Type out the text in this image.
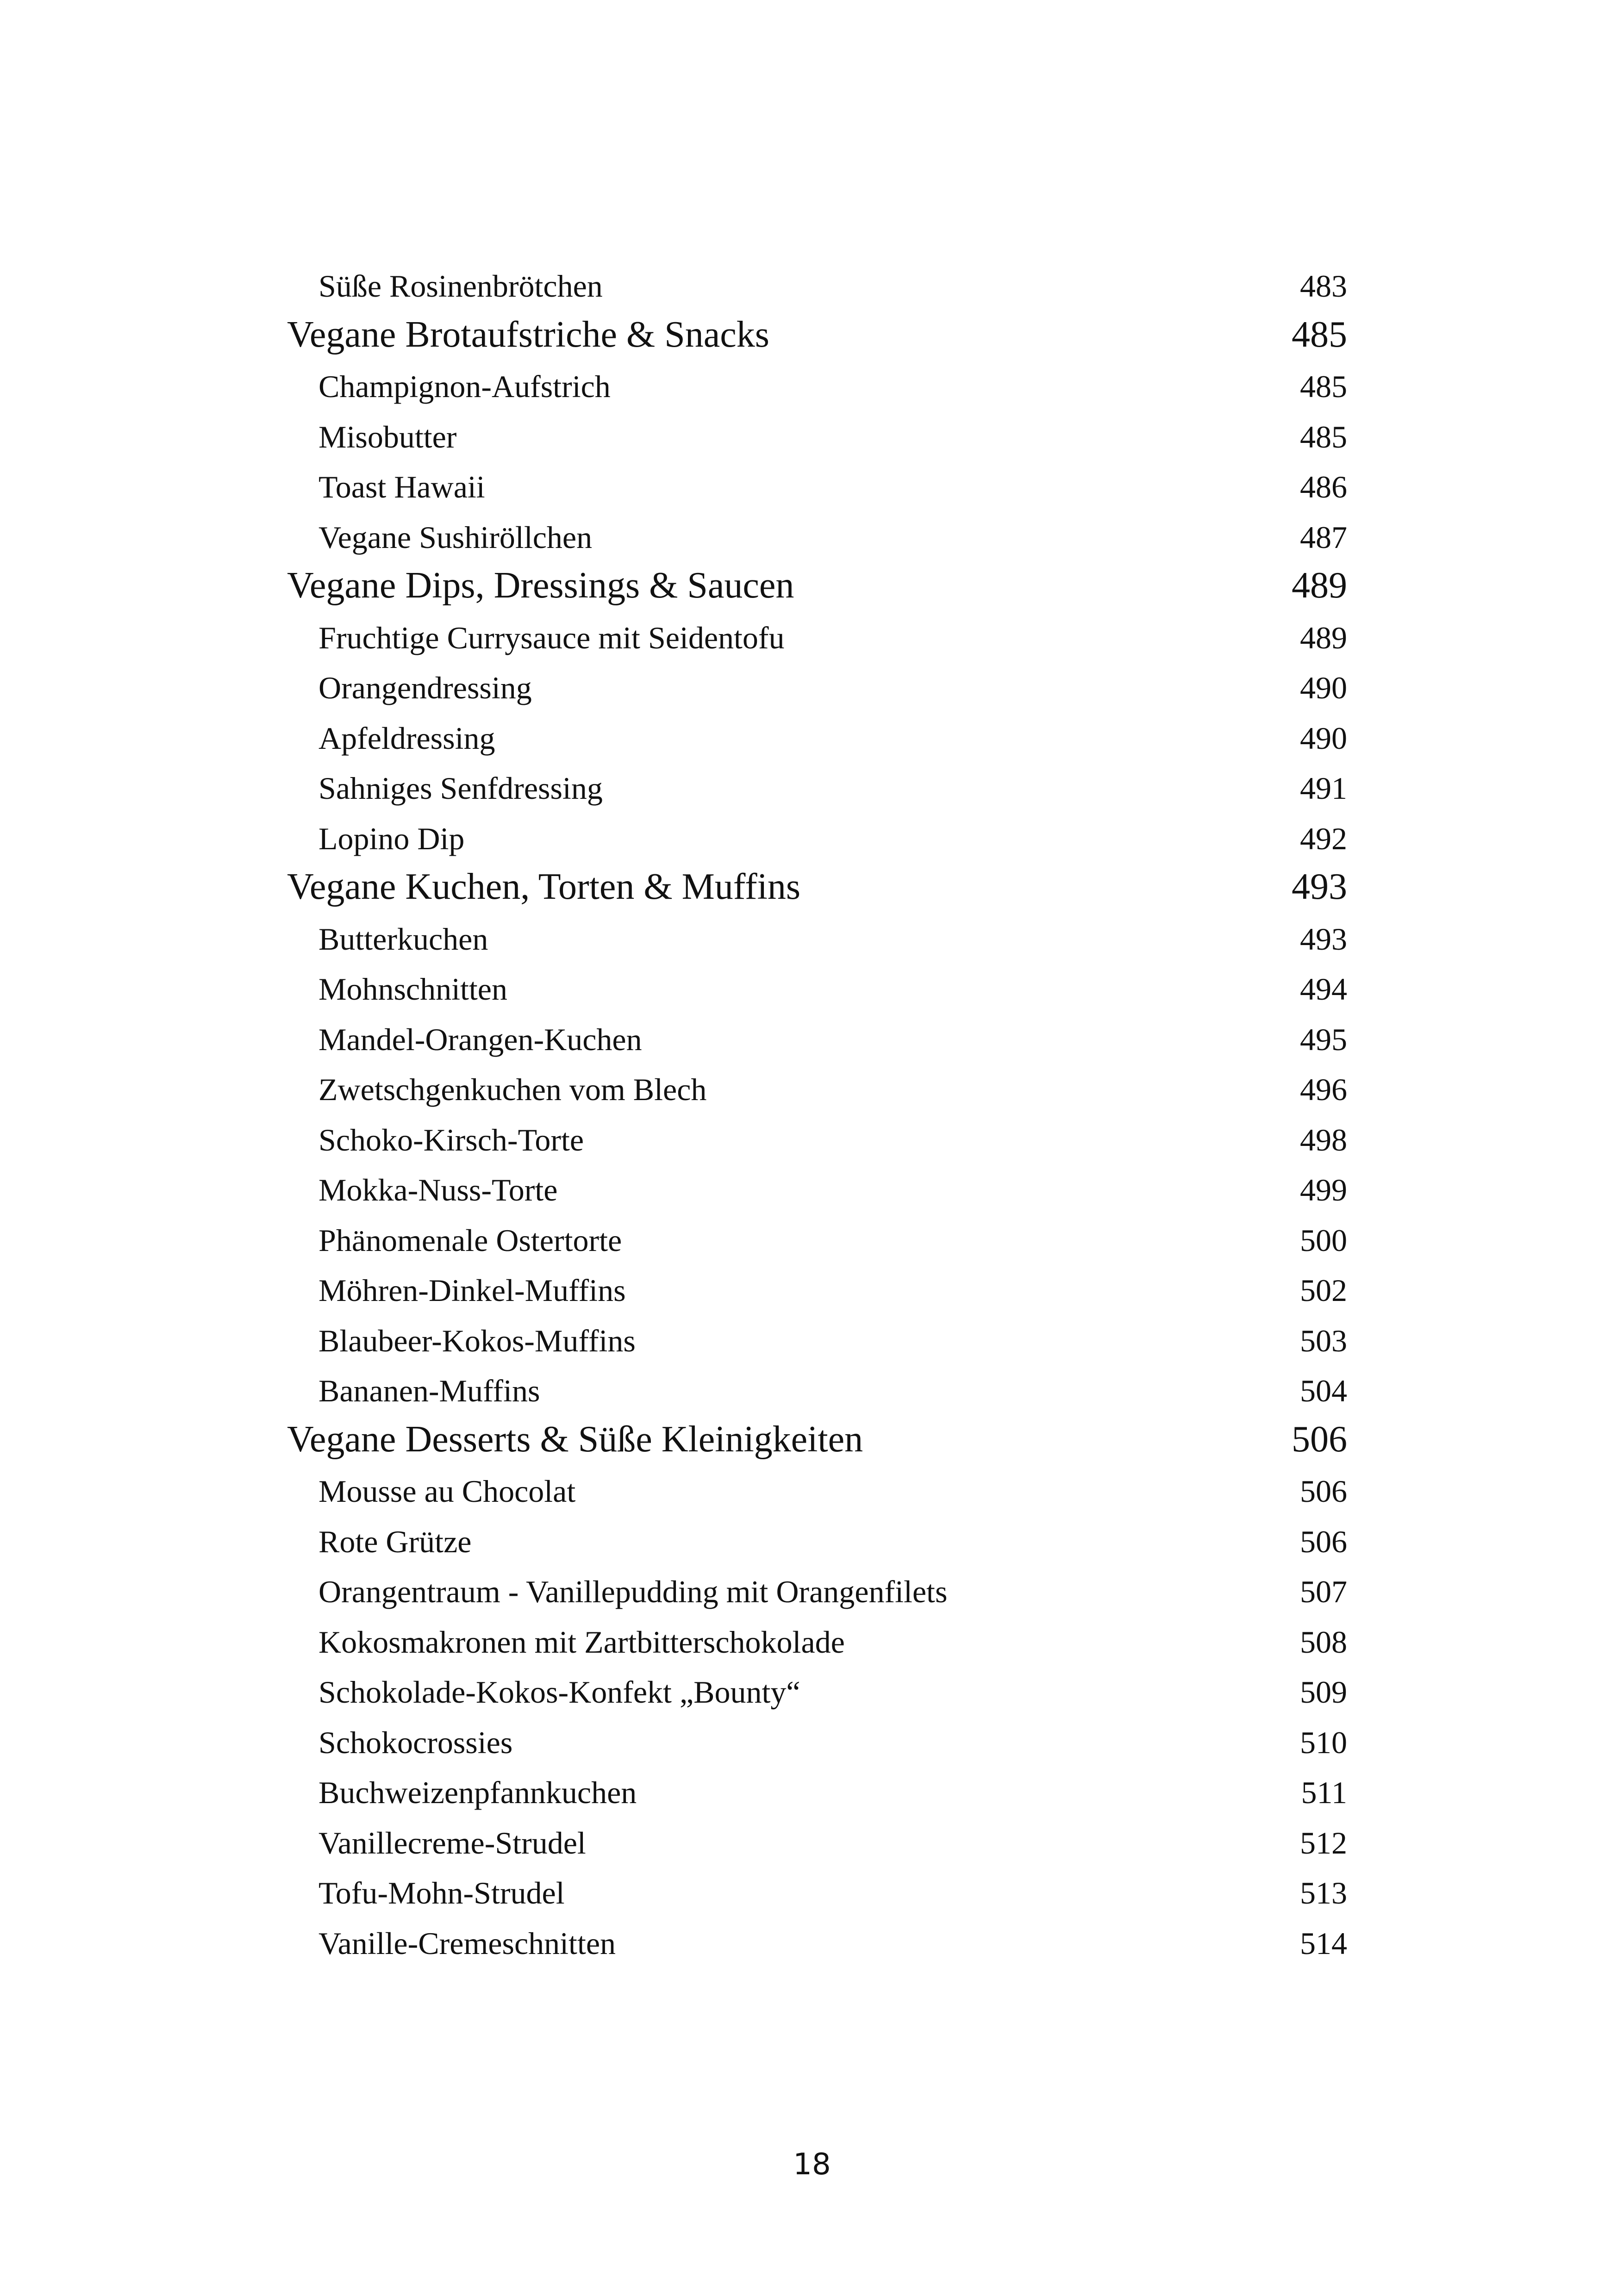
Süße Rosinenbrötchen	483
Vegane Brotaufstriche & Snacks	485
Champignon-Aufstrich	485
Misobutter	485
Toast Hawaii	486
Vegane Sushiröllchen	487
Vegane Dips, Dressings & Saucen	489
Fruchtige Currysauce mit Seidentofu	489
Orangendressing	490
Apfeldressing	490
Sahniges Senfdressing	491
Lopino Dip	492
Vegane Kuchen, Torten & Muffins	493
Butterkuchen	493
Mohnschnitten	494
Mandel-Orangen-Kuchen	495
Zwetschgenkuchen vom Blech	496
Schoko-Kirsch-Torte	498
Mokka-Nuss-Torte	499
Phänomenale Ostertorte	500
Möhren-Dinkel-Muffins	502
Blaubeer-Kokos-Muffins	503
Bananen-Muffins	504
Vegane Desserts & Süße Kleinigkeiten	506
Mousse au Chocolat	506
Rote Grütze	506
Orangentraum - Vanillepudding mit Orangenfilets	507
Kokosmakronen mit Zartbitterschokolade	508
Schokolade-Kokos-Konfekt „Bounty“	509
Schokocrossies	510
Buchweizenpfannkuchen	511
Vanillecreme-Strudel	512
Tofu-Mohn-Strudel	513
Vanille-Cremeschnitten	514
18
